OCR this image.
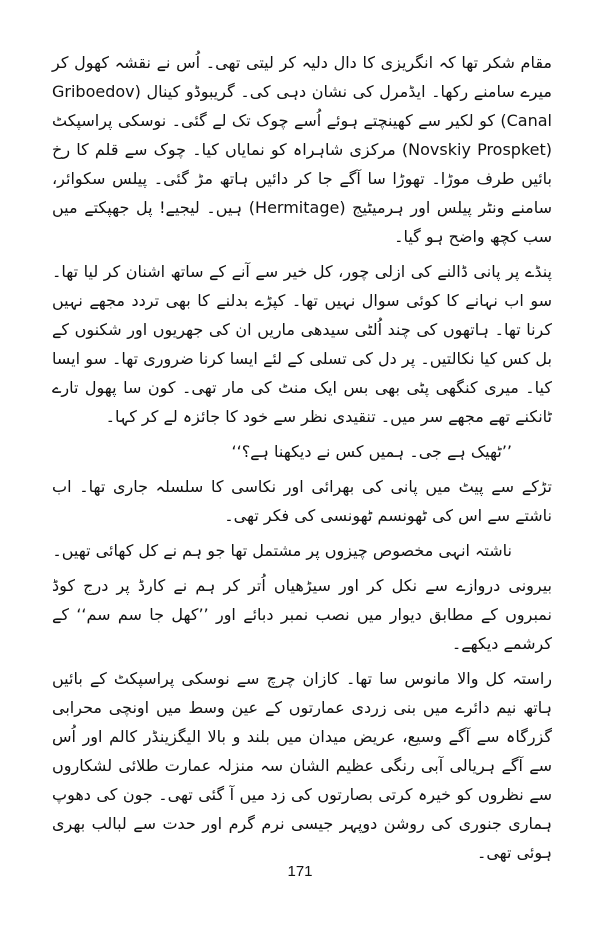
مقام شکر تھا کہ انگریزی کا دال دلیہ کر لیتی تھی۔ اُس نے نقشہ کھول کر میرے سامنے رکھا۔ ایڈمرل کی نشان دہی کی۔ گریبوڈو کینال (Griboedov Canal) کو لکیر سے کھینچتے ہوئے اُسے چوک تک لے گئی۔ نوسکی پراسپکٹ (Novskiy Prospket) مرکزی شاہراہ کو نمایاں کیا۔ چوک سے قلم کا رخ بائیں طرف موڑا۔ تھوڑا سا آگے جا کر دائیں ہاتھ مڑ گئی۔ پیلس سکوائر، سامنے ونٹر پیلس اور ہرمیٹیج (Hermitage) ہیں۔ لیجیے! پل جھپکتے میں سب کچھ واضح ہو گیا۔

پنڈے پر پانی ڈالنے کی ازلی چور، کل خیر سے آنے کے ساتھ اشنان کر لیا تھا۔ سو اب نہانے کا کوئی سوال نہیں تھا۔ کپڑے بدلنے کا بھی تردد مجھے نہیں کرنا تھا۔ ہاتھوں کی چند اُلٹی سیدھی ماریں ان کی جھریوں اور شکنوں کے بل کس کیا نکالتیں۔ پر دل کی تسلی کے لئے ایسا کرنا ضروری تھا۔ سو ایسا کیا۔ میری کنگھی پٹی بھی بس ایک منٹ کی مار تھی۔ کون سا پھول تارے ٹانکنے تھے مجھے سر میں۔ تنقیدی نظر سے خود کا جائزہ لے کر کہا۔

’’ٹھیک ہے جی۔ ہمیں کس نے دیکھنا ہے؟‘‘

تڑکے سے پیٹ میں پانی کی بھرائی اور نکاسی کا سلسلہ جاری تھا۔ اب ناشتے سے اس کی ٹھونسم ٹھونسی کی فکر تھی۔

ناشتہ انہی مخصوص چیزوں پر مشتمل تھا جو ہم نے کل کھائی تھیں۔

بیرونی دروازے سے نکل کر اور سیڑھیاں اُتر کر ہم نے کارڈ پر درج کوڈ نمبروں کے مطابق دیوار میں نصب نمبر دبائے اور ’’کھل جا سم سم‘‘ کے کرشمے دیکھے۔

راستہ کل والا مانوس سا تھا۔ کازان چرچ سے نوسکی پراسپکٹ کے بائیں ہاتھ نیم دائرے میں بنی زردی عمارتوں کے عین وسط میں اونچی محرابی گزرگاہ سے آگے وسیع، عریض میدان میں بلند و بالا الیگزینڈر کالم اور اُس سے آگے ہریالی آبی رنگی عظیم الشان سہ منزلہ عمارت طلائی لشکاروں سے نظروں کو خیرہ کرتی بصارتوں کی زد میں آ گئی تھی۔ جون کی دھوپ ہماری جنوری کی روشن دوپہر جیسی نرم گرم اور حدت سے لبالب بھری ہوئی تھی۔

171
